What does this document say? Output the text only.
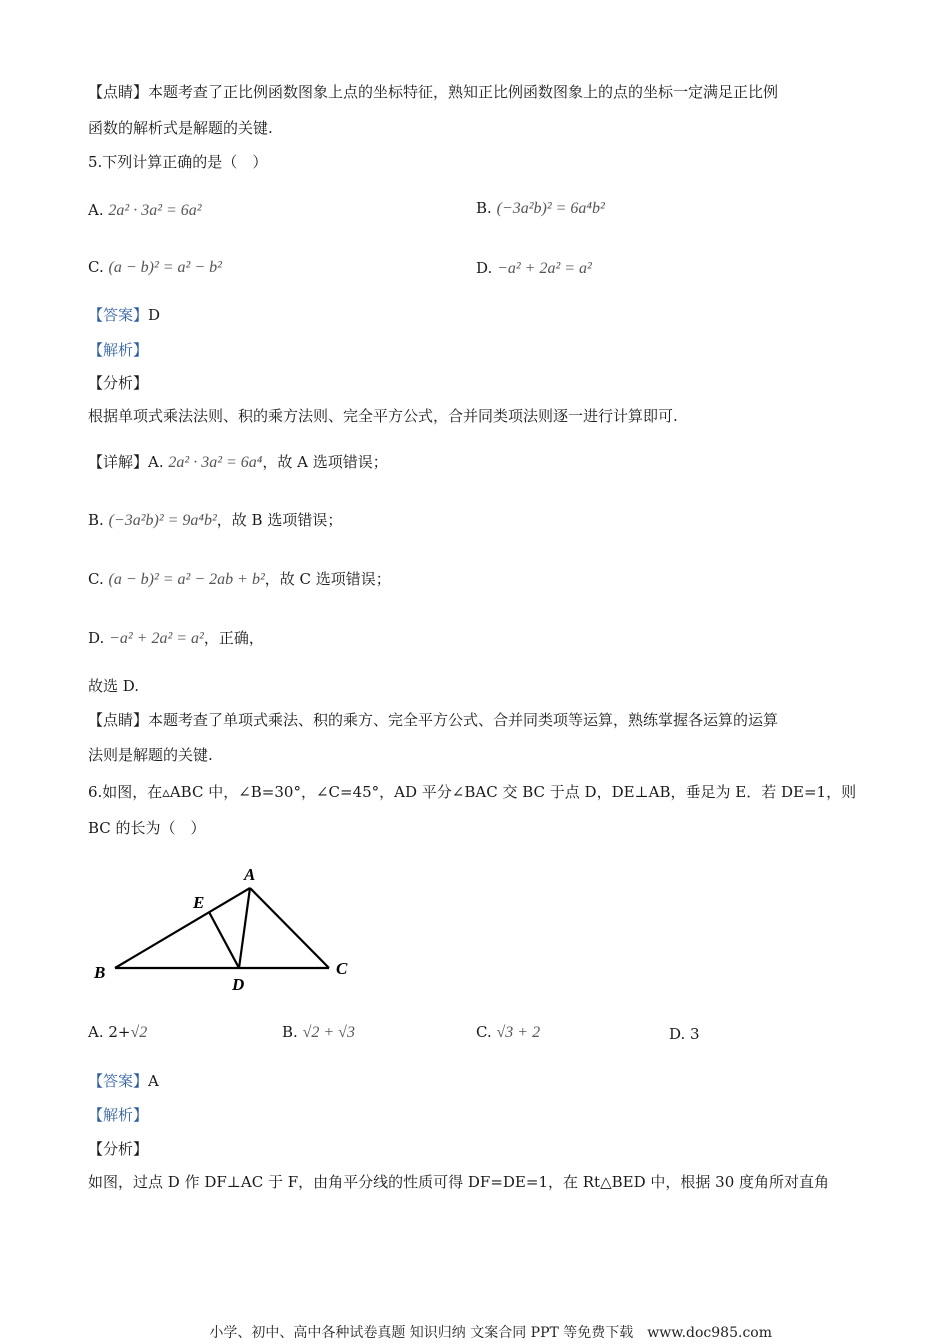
【点睛】本题考查了正比例函数图象上点的坐标特征，熟知正比例函数图象上的点的坐标一定满足正比例
函数的解析式是解题的关键.
5.下列计算正确的是（　）
A. 2a² · 3a² = 6a²	B. (−3a²b)² = 6a⁴b²
C. (a − b)² = a² − b²	D. −a² + 2a² = a²
【答案】D
【解析】
【分析】
根据单项式乘法法则、积的乘方法则、完全平方公式，合并同类项法则逐一进行计算即可.
【详解】A. 2a² · 3a² = 6a⁴，故 A 选项错误；
B. (−3a²b)² = 9a⁴b²，故 B 选项错误；
C. (a − b)² = a² − 2ab + b²，故 C 选项错误；
D. −a² + 2a² = a²，正确，
故选 D.
【点睛】本题考查了单项式乘法、积的乘方、完全平方公式、合并同类项等运算，熟练掌握各运算的运算
法则是解题的关键.
6.如图，在▵ABC 中，∠B=30°，∠C=45°，AD 平分∠BAC 交 BC 于点 D，DE⊥AB，垂足为 E．若 DE=1，则
BC 的长为（　）
A
B	C
D
E
A. 2+√2	B. √2 + √3	C. √3 + 2	D. 3
【答案】A
【解析】
【分析】
如图，过点 D 作 DF⊥AC 于 F，由角平分线的性质可得 DF=DE=1，在 Rt△BED 中，根据 30 度角所对直角
小学、初中、高中各种试卷真题 知识归纳 文案合同 PPT 等免费下载　www.doc985.com
